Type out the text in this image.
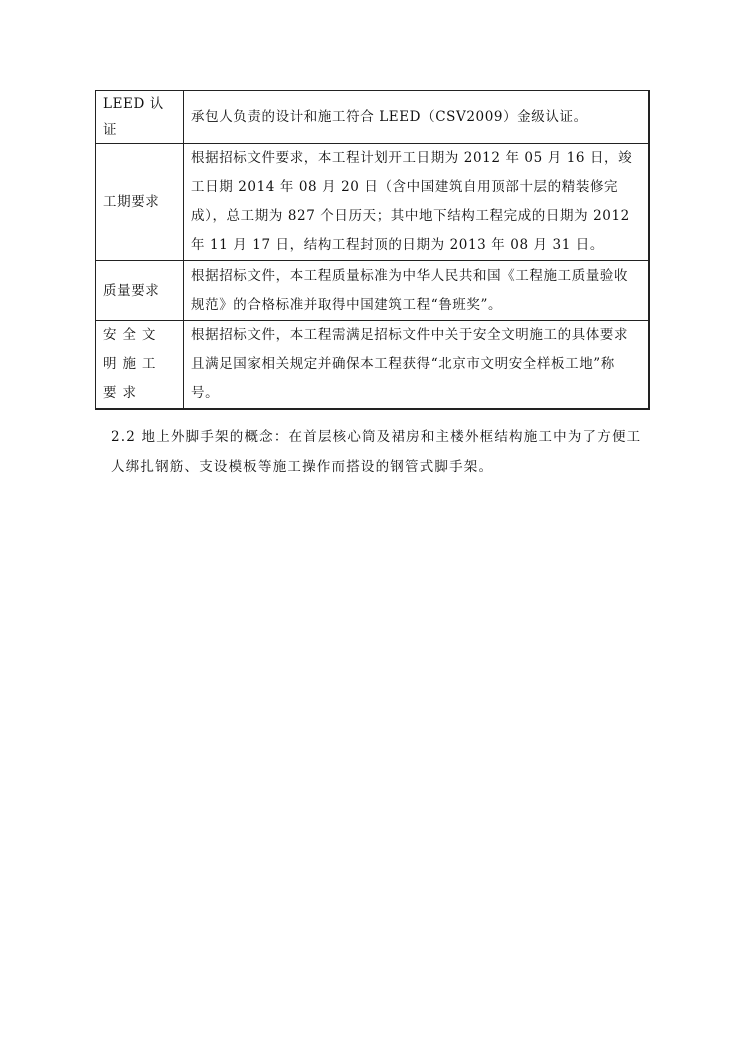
LEED 认证	承包人负责的设计和施工符合 LEED（CSV2009）金级认证。
工期要求	根据招标文件要求，本工程计划开工日期为 2012 年 05 月 16 日，竣工日期 2014 年 08 月 20 日（含中国建筑自用顶部十层的精装修完成），总工期为 827 个日历天；其中地下结构工程完成的日期为 2012 年 11 月 17 日，结构工程封顶的日期为 2013 年 08 月 31 日。
质量要求	根据招标文件，本工程质量标准为中华人民共和国《工程施工质量验收规范》的合格标准并取得中国建筑工程“鲁班奖”。
安全文明施工要求	根据招标文件，本工程需满足招标文件中关于安全文明施工的具体要求且满足国家相关规定并确保本工程获得“北京市文明安全样板工地”称号。

2.2 地上外脚手架的概念：在首层核心筒及裙房和主楼外框结构施工中为了方便工人绑扎钢筋、支设模板等施工操作而搭设的钢管式脚手架。
